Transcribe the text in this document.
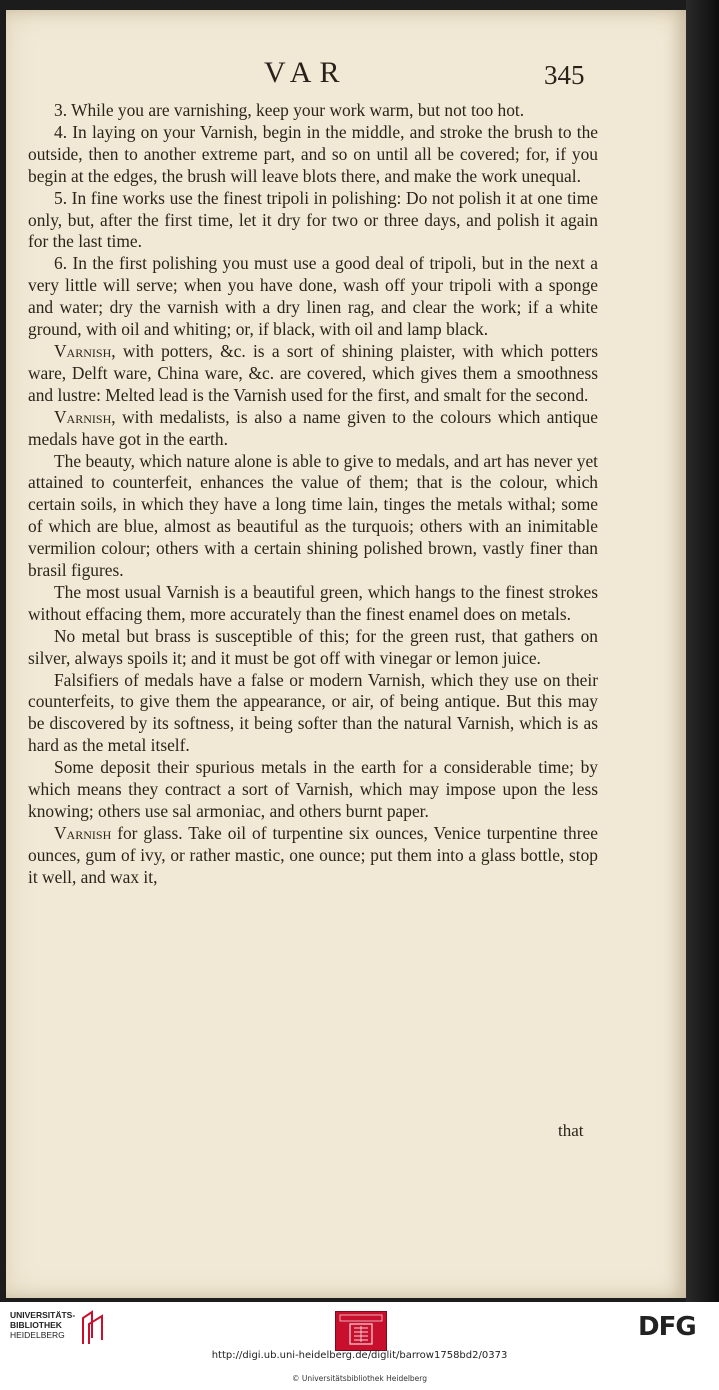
VAR	345

3. While you are varnishing, keep your work warm, but not too hot.

4. In laying on your Varnish, begin in the middle, and stroke the brush to the outside, then to another extreme part, and so on until all be covered; for, if you begin at the edges, the brush will leave blots there, and make the work unequal.

5. In fine works use the finest tripoli in polishing: Do not polish it at one time only, but, after the first time, let it dry for two or three days, and polish it again for the last time.

6. In the first polishing you must use a good deal of tripoli, but in the next a very little will serve; when you have done, wash off your tripoli with a sponge and water; dry the varnish with a dry linen rag, and clear the work; if a white ground, with oil and whiting; or, if black, with oil and lamp black.

Varnish, with potters, &c. is a sort of shining plaister, with which potters ware, Delft ware, China ware, &c. are covered, which gives them a smoothness and lustre: Melted lead is the Varnish used for the first, and smalt for the second.

Varnish, with medalists, is also a name given to the colours which antique medals have got in the earth.

The beauty, which nature alone is able to give to medals, and art has never yet attained to counterfeit, enhances the value of them; that is the colour, which certain soils, in which they have a long time lain, tinges the metals withal; some of which are blue, almost as beautiful as the turquois; others with an inimitable vermilion colour; others with a certain shining polished brown, vastly finer than brasil figures.

The most usual Varnish is a beautiful green, which hangs to the finest strokes without effacing them, more accurately than the finest enamel does on metals.

No metal but brass is susceptible of this; for the green rust, that gathers on silver, always spoils it; and it must be got off with vinegar or lemon juice.

Falsifiers of medals have a false or modern Varnish, which they use on their counterfeits, to give them the appearance, or air, of being antique. But this may be discovered by its softness, it being softer than the natural Varnish, which is as hard as the metal itself.

Some deposit their spurious metals in the earth for a considerable time; by which means they contract a sort of Varnish, which may impose upon the less knowing; others use sal armoniac, and others burnt paper.

Varnish for glass. Take oil of turpentine six ounces, Venice turpentine three ounces, gum of ivy, or rather mastic, one ounce; put them into a glass bottle, stop it well, and wax it,

that
UNIVERSITÄTS-
BIBLIOTHEK
HEIDELBERG	DFG
http://digi.ub.uni-heidelberg.de/diglit/barrow1758bd2/0373
© Universitätsbibliothek Heidelberg
